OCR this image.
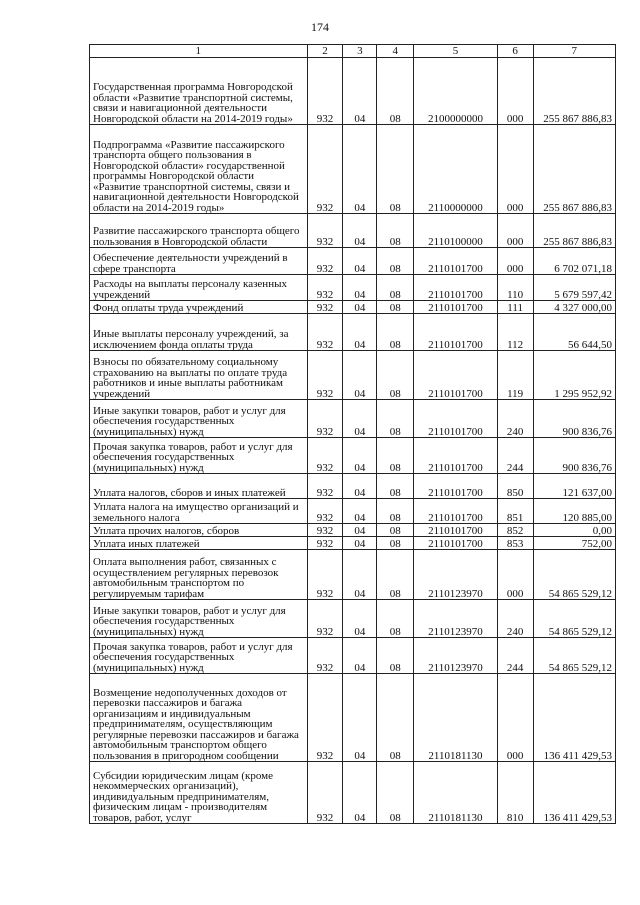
174
1	2	3	4	5	6	7
Государственная программа Новгородской области «Развитие транспортной системы, связи и навигационной деятельности Новгородской области на 2014-2019 годы»	932	04	08	2100000000	000	255 867 886,83
Подпрограмма «Развитие пассажирского транспорта общего пользования в Новгородской области» государственной программы Новгородской области «Развитие транспортной системы, связи и навигационной деятельности Новгородской области на 2014-2019 годы»	932	04	08	2110000000	000	255 867 886,83
Развитие пассажирского транспорта общего пользования в Новгородской области	932	04	08	2110100000	000	255 867 886,83
Обеспечение деятельности учреждений в сфере транспорта	932	04	08	2110101700	000	6 702 071,18
Расходы на выплаты персоналу казенных учреждений	932	04	08	2110101700	110	5 679 597,42
Фонд оплаты труда учреждений	932	04	08	2110101700	111	4 327 000,00
Иные выплаты персоналу учреждений, за исключением фонда оплаты труда	932	04	08	2110101700	112	56 644,50
Взносы по обязательному социальному страхованию на выплаты по оплате труда работников и иные выплаты работникам учреждений	932	04	08	2110101700	119	1 295 952,92
Иные закупки товаров, работ и услуг для обеспечения государственных (муниципальных) нужд	932	04	08	2110101700	240	900 836,76
Прочая закупка товаров, работ и услуг для обеспечения государственных (муниципальных) нужд	932	04	08	2110101700	244	900 836,76
Уплата налогов, сборов и иных платежей	932	04	08	2110101700	850	121 637,00
Уплата налога на имущество организаций и земельного налога	932	04	08	2110101700	851	120 885,00
Уплата прочих налогов, сборов	932	04	08	2110101700	852	0,00
Уплата иных платежей	932	04	08	2110101700	853	752,00
Оплата выполнения работ, связанных с осуществлением регулярных перевозок автомобильным транспортом по регулируемым тарифам	932	04	08	2110123970	000	54 865 529,12
Иные закупки товаров, работ и услуг для обеспечения государственных (муниципальных) нужд	932	04	08	2110123970	240	54 865 529,12
Прочая закупка товаров, работ и услуг для обеспечения государственных (муниципальных) нужд	932	04	08	2110123970	244	54 865 529,12
Возмещение недополученных доходов от перевозки пассажиров и багажа организациям и индивидуальным предпринимателям, осуществляющим регулярные перевозки пассажиров и багажа автомобильным транспортом общего пользования в пригородном сообщении	932	04	08	2110181130	000	136 411 429,53
Субсидии юридическим лицам (кроме некоммерческих организаций), индивидуальным предпринимателям, физическим лицам - производителям товаров, работ, услуг	932	04	08	2110181130	810	136 411 429,53
